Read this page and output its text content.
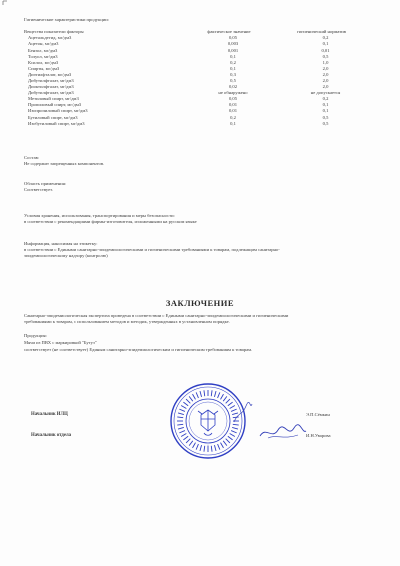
Гигиенические характеристики продукции:
Вещества показатели факторы	фактическое значение	гигиенический норматив
Ацетальдегид, мг/дм3	0,05	0,2
Ацетон, мг/дм3	0,003	0,1
Бензол, мг/дм3	0,001	0,01
Толуол, мг/дм3	0,1	0,5
Ксилол, мг/дм3	0,2	1,0
Спирты, мг/дм3	0,1	2,0
Диэтилфталат, мг/дм3	0,3	2,0
Дибутилфталат, мг/дм3	0,5	2,0
Диоктилфталат, мг/дм3	0,02	2,0
Дибутилфталат, мг/дм3	не обнаружено	не допускается
Метиловый спирт, мг/дм3	0,05	0,2
Пропиловый спирт, мг/дм3	0,01	0,1
Изопропиловый спирт, мг/дм3	0,01	0,1
Бутиловый спирт, мг/дм3	0,2	0,5
Изобутиловый спирт, мг/дм3	0,1	0,5
Состав:
Не содержит запрещенных компонентов.
Область применения:
Соответствует.
Условия хранения, использования, транспортирования и меры безопасности:
в соответствии с рекомендациями фирмы-изготовителя, изложенными на русском языке
Информация, наносимая на этикетку:
в соответствии с Едиными санитарно-эпидемиологическими и гигиеническими требованиями к товарам, подлежащим санитарно-
эпидемиологическому надзору (контролю)
ЗАКЛЮЧЕНИЕ
Санитарно-эпидемиологическая экспертиза проведена в соответствии с Едиными санитарно-эпидемиологическими и гигиеническими
требованиями к товарам, с использованием методов и методик, утвержденных в установленном порядке.
Продукция:
Мячи из ПВХ с маркировкой "Бутуз"
соответствует (не соответствует) Единым санитарно-эпидемиологическим и гигиеническим требованиям к товарам.
Начальник ИЛЦ	Э.П.Сёмкин
Начальник отдела	И.Н.Уварова
*
